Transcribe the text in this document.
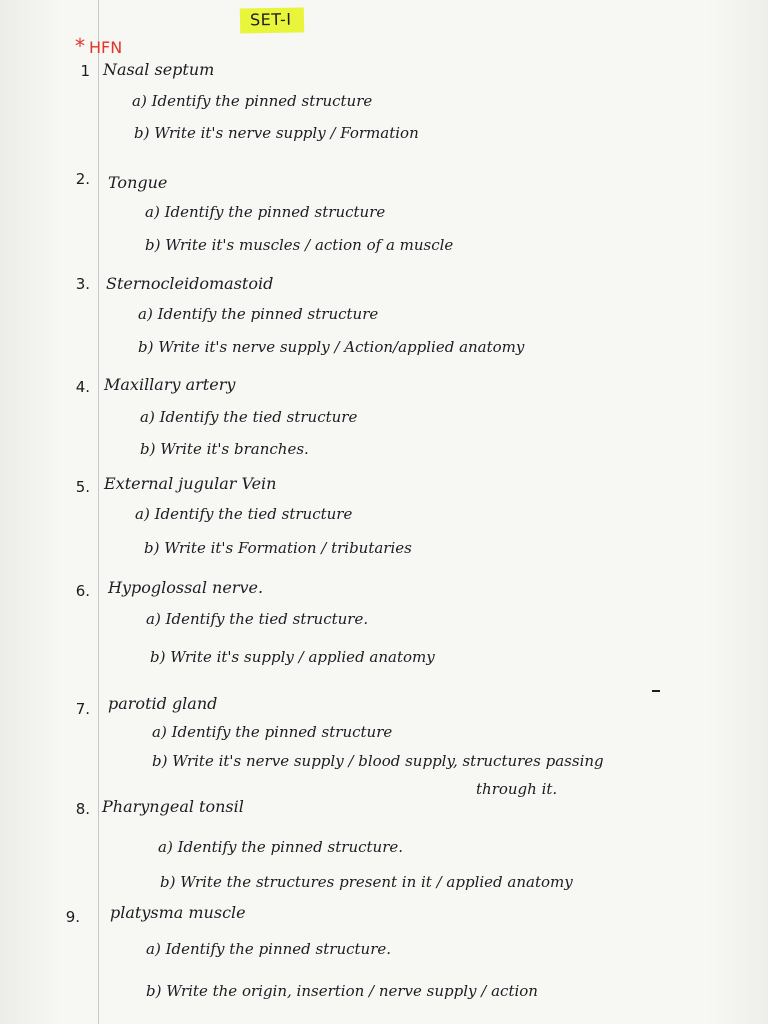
SET-I
* HFN
1 Nasal septum
a) Identify the pinned structure
b) Write it's nerve supply / Formation
2. Tongue
a) Identify the pinned structure
b) Write it's muscles / action of a muscle
3. Sternocleidomastoid
a) Identify the pinned structure
b) Write it's nerve supply / Action/applied anatomy
4. Maxillary artery
a) Identify the tied structure
b) Write it's branches.
5. External jugular Vein
a) Identify the tied structure
b) Write it's Formation / tributaries
6. Hypoglossal nerve.
a) Identify the tied structure.
b) Write it's supply / applied anatomy
7. parotid gland
a) Identify the pinned structure
b) Write it's nerve supply / blood supply, structures passing
through it.
8. Pharyngeal tonsil
a) Identify the pinned structure.
b) Write the structures present in it / applied anatomy
9. platysma muscle
a) Identify the pinned structure.
b) Write the origin, insertion / nerve supply / action
